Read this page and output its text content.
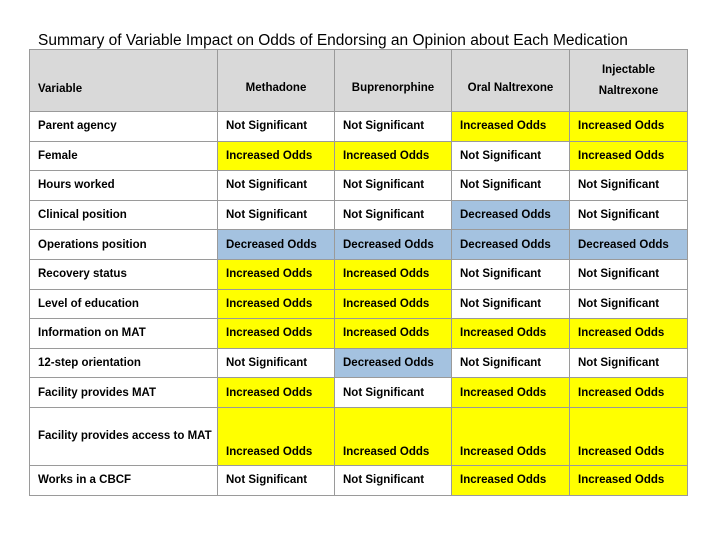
Summary of Variable Impact on Odds of Endorsing an Opinion about Each Medication
Variable	Methadone	Buprenorphine	Oral Naltrexone	Injectable Naltrexone
Parent agency	Not Significant	Not Significant	Increased Odds	Increased Odds
Female	Increased Odds	Increased Odds	Not Significant	Increased Odds
Hours worked	Not Significant	Not Significant	Not Significant	Not Significant
Clinical position	Not Significant	Not Significant	Decreased Odds	Not Significant
Operations position	Decreased Odds	Decreased Odds	Decreased Odds	Decreased Odds
Recovery status	Increased Odds	Increased Odds	Not Significant	Not Significant
Level of education	Increased Odds	Increased Odds	Not Significant	Not Significant
Information on MAT	Increased Odds	Increased Odds	Increased Odds	Increased Odds
12-step orientation	Not Significant	Decreased Odds	Not Significant	Not Significant
Facility provides MAT	Increased Odds	Not Significant	Increased Odds	Increased Odds
Facility provides access to MAT	Increased Odds	Increased Odds	Increased Odds	Increased Odds
Works in a CBCF	Not Significant	Not Significant	Increased Odds	Increased Odds
